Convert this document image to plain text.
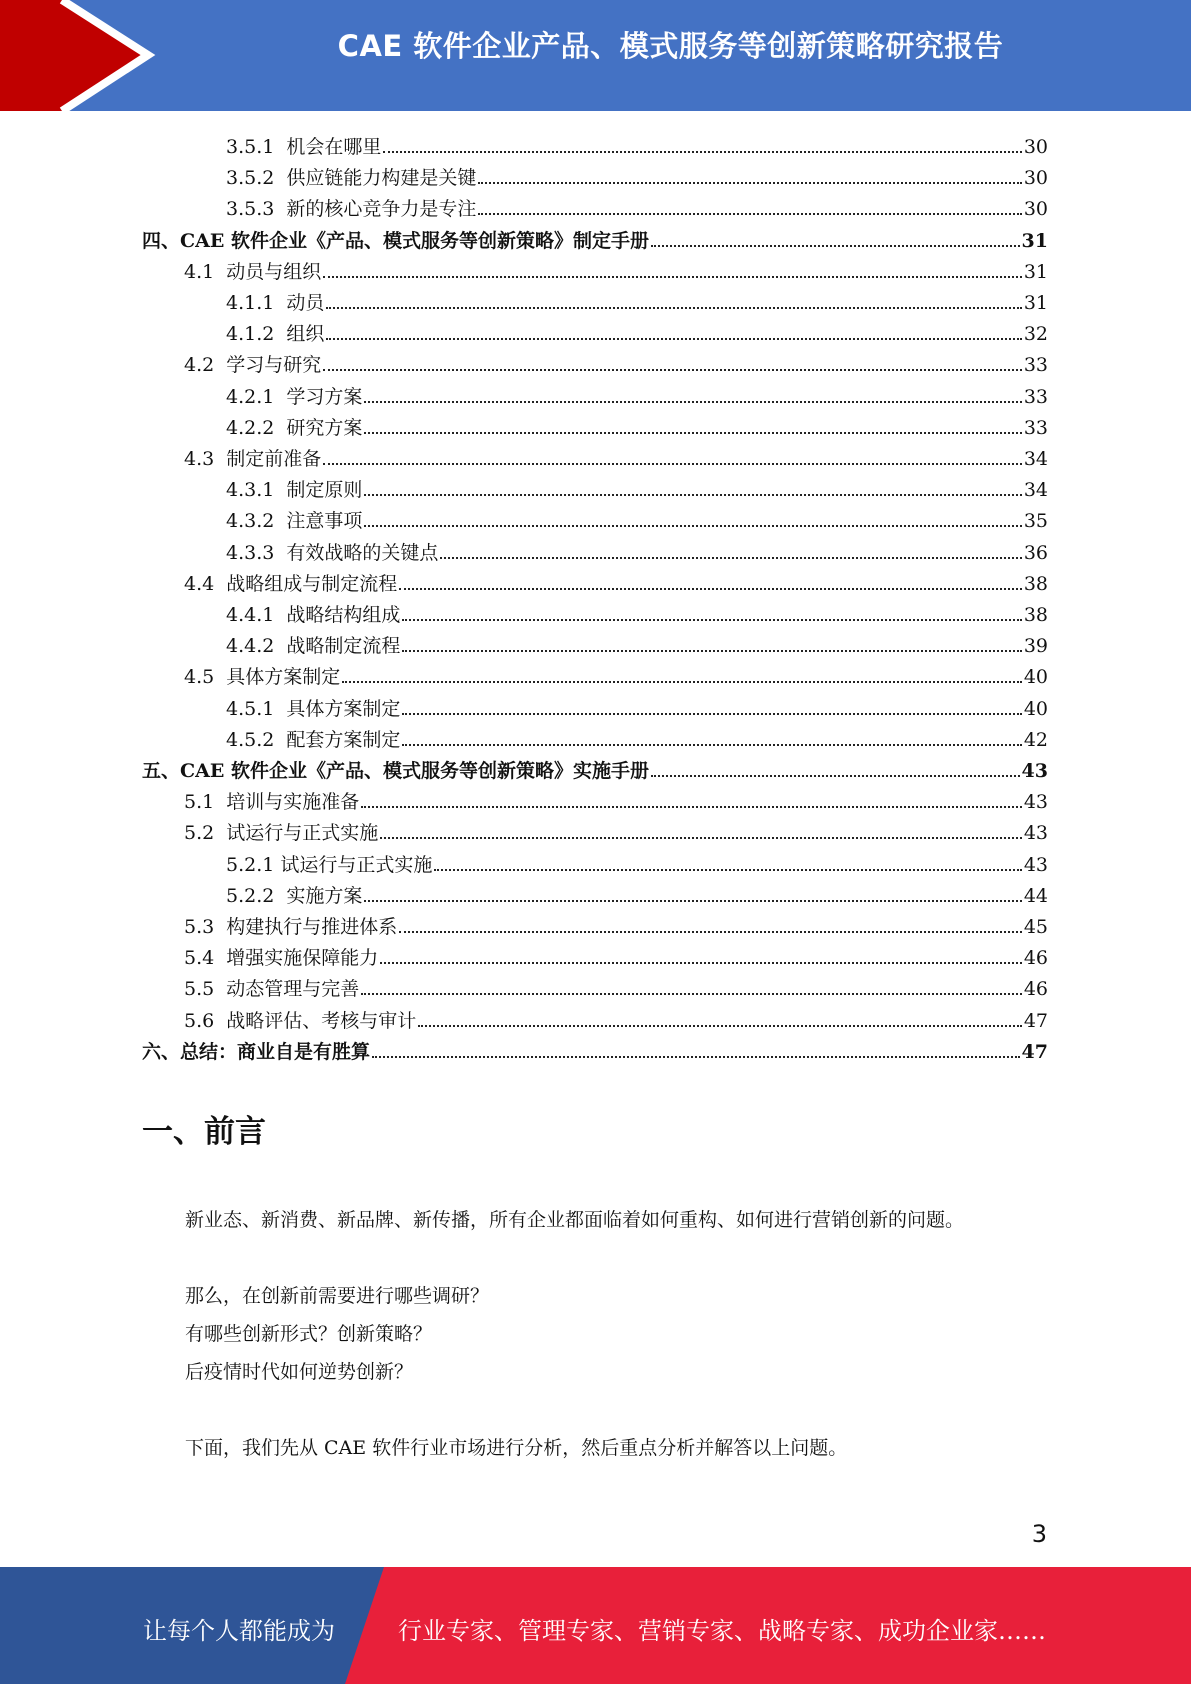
CAE 软件企业产品、模式服务等创新策略研究报告
3.5.1  机会在哪里	30
3.5.2  供应链能力构建是关键	30
3.5.3  新的核心竞争力是专注	30
四、CAE 软件企业《产品、模式服务等创新策略》制定手册	31
4.1  动员与组织	31
4.1.1  动员	31
4.1.2  组织	32
4.2  学习与研究	33
4.2.1  学习方案	33
4.2.2  研究方案	33
4.3  制定前准备	34
4.3.1  制定原则	34
4.3.2  注意事项	35
4.3.3  有效战略的关键点	36
4.4  战略组成与制定流程	38
4.4.1  战略结构组成	38
4.4.2  战略制定流程	39
4.5  具体方案制定	40
4.5.1  具体方案制定	40
4.5.2  配套方案制定	42
五、CAE 软件企业《产品、模式服务等创新策略》实施手册	43
5.1  培训与实施准备	43
5.2  试运行与正式实施	43
5.2.1 试运行与正式实施	43
5.2.2  实施方案	44
5.3  构建执行与推进体系	45
5.4  增强实施保障能力	46
5.5  动态管理与完善	46
5.6  战略评估、考核与审计	47
六、总结：商业自是有胜算	47
一、前言
新业态、新消费、新品牌、新传播，所有企业都面临着如何重构、如何进行营销创新的问题。
那么，在创新前需要进行哪些调研？
有哪些创新形式？创新策略？
后疫情时代如何逆势创新？
下面，我们先从 CAE 软件行业市场进行分析，然后重点分析并解答以上问题。
3
让每个人都能成为	行业专家、管理专家、营销专家、战略专家、成功企业家……
